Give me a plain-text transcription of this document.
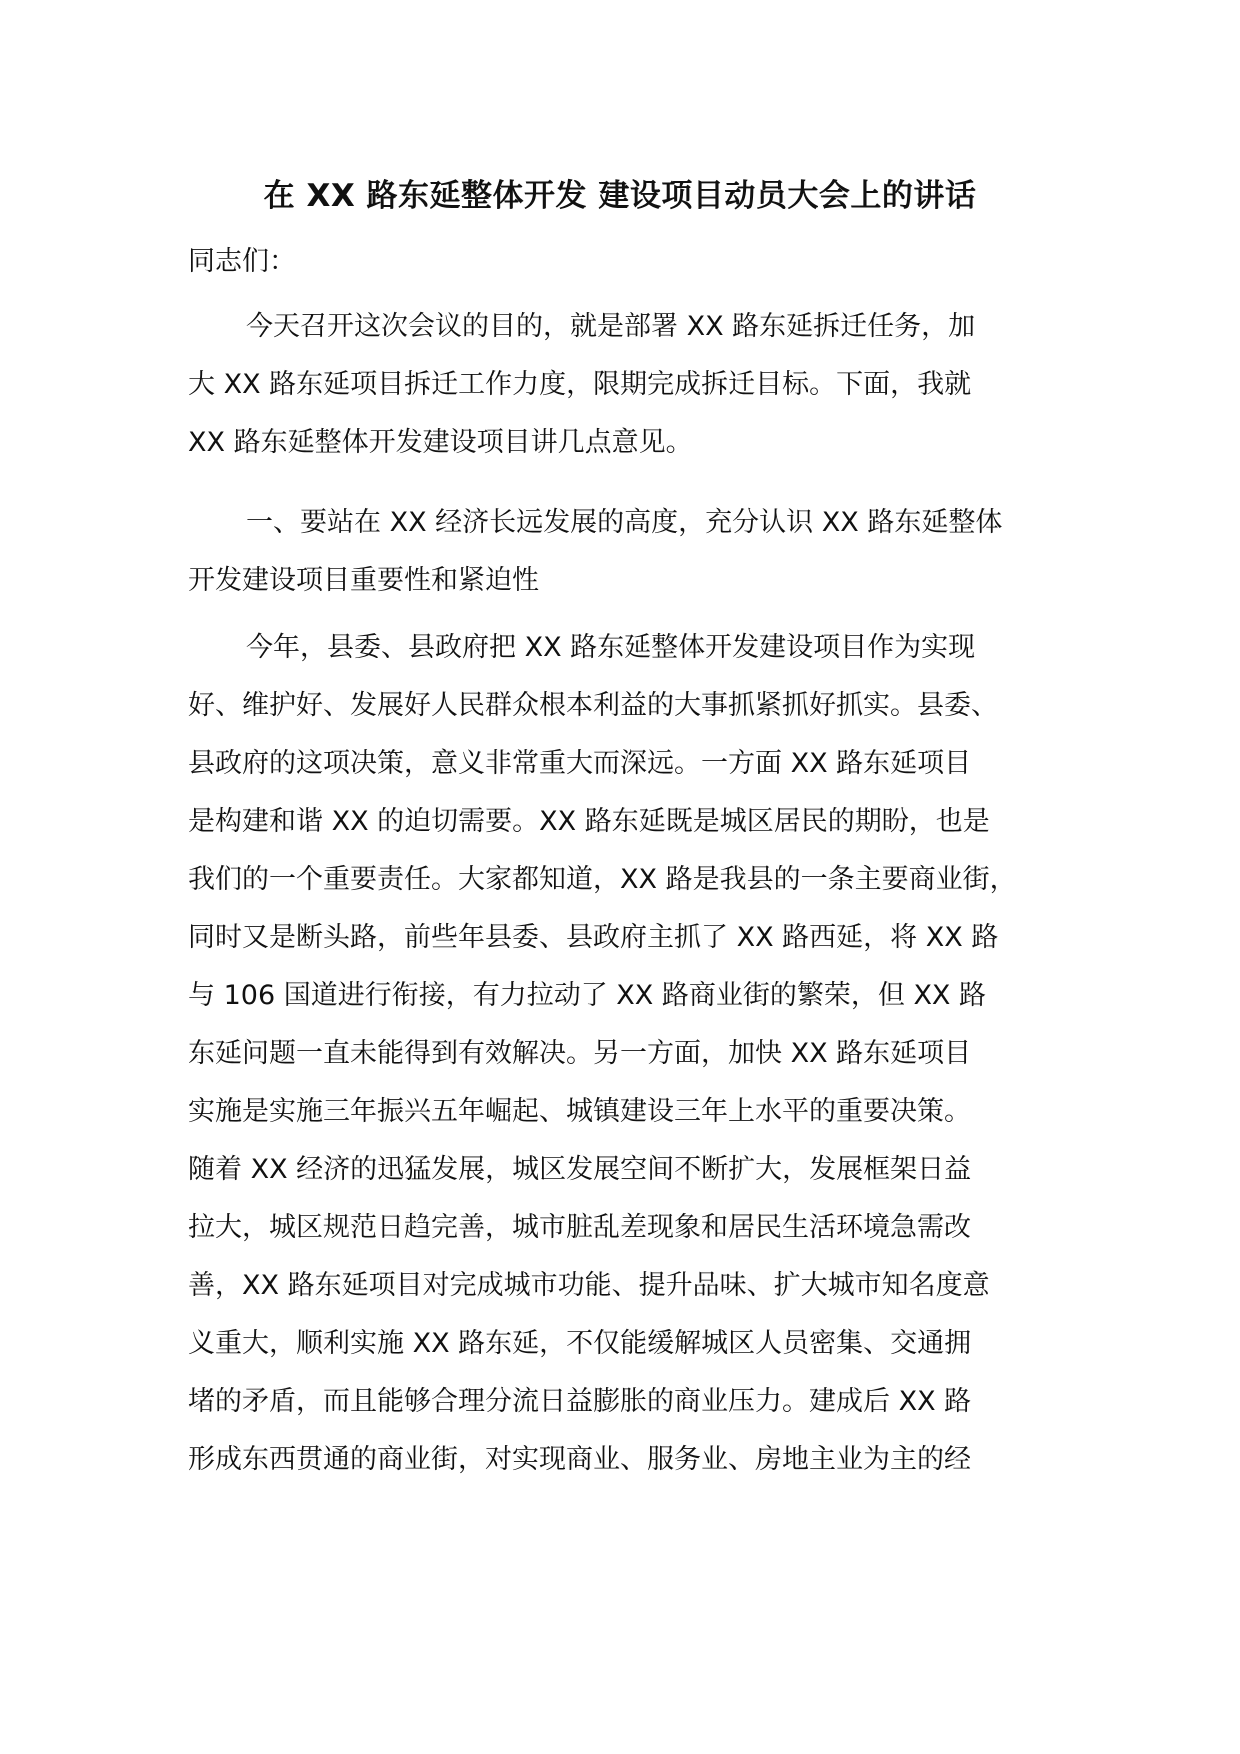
在 XX 路东延整体开发 建设项目动员大会上的讲话

同志们：

今天召开这次会议的目的，就是部署 XX 路东延拆迁任务，加

大 XX 路东延项目拆迁工作力度，限期完成拆迁目标。下面，我就

XX 路东延整体开发建设项目讲几点意见。

一、要站在 XX 经济长远发展的高度，充分认识 XX 路东延整体

开发建设项目重要性和紧迫性

今年，县委、县政府把 XX 路东延整体开发建设项目作为实现

好、维护好、发展好人民群众根本利益的大事抓紧抓好抓实。县委、

县政府的这项决策，意义非常重大而深远。一方面 XX 路东延项目

是构建和谐 XX 的迫切需要。XX 路东延既是城区居民的期盼，也是

我们的一个重要责任。大家都知道，XX 路是我县的一条主要商业街，

同时又是断头路，前些年县委、县政府主抓了 XX 路西延，将 XX 路

与 106 国道进行衔接，有力拉动了 XX 路商业街的繁荣，但 XX 路

东延问题一直未能得到有效解决。另一方面，加快 XX 路东延项目

实施是实施三年振兴五年崛起、城镇建设三年上水平的重要决策。

随着 XX 经济的迅猛发展，城区发展空间不断扩大，发展框架日益

拉大，城区规范日趋完善，城市脏乱差现象和居民生活环境急需改

善，XX 路东延项目对完成城市功能、提升品味、扩大城市知名度意

义重大，顺利实施 XX 路东延，不仅能缓解城区人员密集、交通拥

堵的矛盾，而且能够合理分流日益膨胀的商业压力。建成后 XX 路

形成东西贯通的商业街，对实现商业、服务业、房地主业为主的经
